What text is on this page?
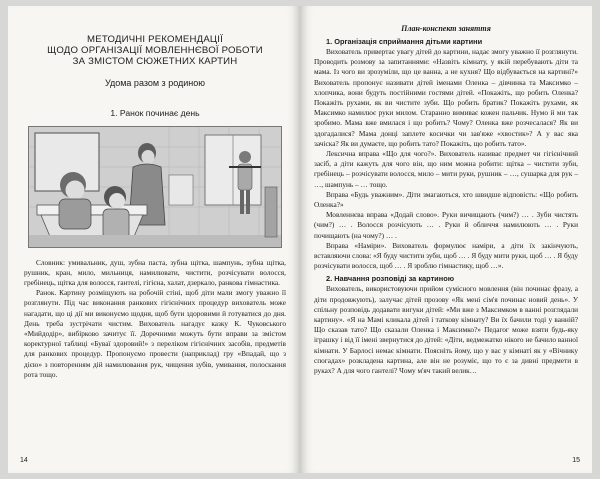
МЕТОДИЧНІ РЕКОМЕНДАЦІЇ

ЩОДО ОРГАНІЗАЦІЇ МОВЛЕННЄВОЇ РОБОТИ

ЗА ЗМІСТОМ СЮЖЕТНИХ КАРТИН

Удома разом з родиною

1. Ранок починає день

Словник: умивальник, душ, зубна паста, зубна щітка, шампунь, зубна щітка, рушник, кран, мило, мильниця, намилювати, чистити, розчісувати волосся, гребінець, щітка для волосся, гантелі, гігієна, халат, дзеркало, ранкова гімнастика.

Ранок. Картину розміщують на робочій стіні, щоб діти мали змогу уважно її розглянути. Під час виконання ранкових гігієнічних процедур вихователь може нагадати, що ці дії ми виконуємо щодня, щоб бути здоровими й готуватися до дня. День треба зустрічати чистим. Вихователь нагадує казку К. Чуковського «Мийдодір», вибірково зачитує її. Доречними можуть бути вправи за змістом коректурної таблиці «Буваї здоровий!» з переліком гігієнічних засобів, предметів для ранкових процедур. Пропонуємо провести (наприклад) гру «Впадай, що з дією» з повторенням дій намилювання рук, чищення зубів, умивання, полоскання рота тощо.

14

План-конспект заняття

1. Організація сприймання дітьми картини

Вихователь привертає увагу дітей до картини, надає змогу уважно її розглянути. Проводить розмову за запитаннями: «Назвіть кімнату, у якій перебувають діти та мама. Із чого ви зрозуміли, що це ванна, а не кухня? Що відбувається на картині?» Вихователь пропонує називати дітей іменами Оленка – дівчинка та Максимко – хлопчика, вони будуть постійними гостями дітей. «Покажіть, що робить Оленка? Покажіть рухами, як ви чистите зуби. Що робить братик? Покажіть рухами, як Максимко намилює руки милом. Старанно вимиває кожен пальчик. Нумо й ми так зробимо. Мама вже вмилася і що робить? Чому? Оленка вже розчесалася? Як ви здогадалися? Мама донці заплете косички чи зав'яже «хвостик»? А у вас яка зачіска? Як ви думаєте, що робить тато? Покажіть, що робить тато».

Лексична вправа «Що для чого?». Вихователь називає предмет чи гігієнічний засіб, а діти кажуть для чого він, що ним можна робити: щітка – чистити зуби, гребінець – розчісувати волосся, мило – мити руки, рушник – …, сушарка для рук – …, шампунь – … тощо.

Вправа «Будь уважним». Діти змагаються, хто швидше відповість: «Що робить Оленка?»

Мовленнєва вправа «Додай слово». Руки вичищають (чим?) … . Зуби чистять (чим?) … . Волосся розчісують … . Руки й обличчя намилюють … . Руки почищають (на чому?) … .

Вправа «Наміри». Вихователь формулює наміри, а діти їх закінчують, вставляючи слова: «Я буду чистити зуби, щоб … . Я буду мити руки, щоб … . Я буду розчісувати волосся, щоб … . Я зроблю гімнастику, щоб …».

2. Навчання розповіді за картиною

Вихователь, використовуючи прийом сумісного мовлення (він починає фразу, а діти продовжують), залучає дітей прозову «Як мені сім'я починає новий день». У спільну розповідь додавати вигуки дітей: «Ми вже з Максимком в ванні розглядали картину». «Я на Мамі кликала дітей і таткову кімнату? Ви їх бачили тоді у ванній? Що сказав тато? Що сказали Оленка і Максимко?» Педагог може взяти будь-яку іграшку і від її імені звернутися до дітей: «Діти, ведмежатко нікого не бачило ванної кімнати. У Барлосі немає кімнати. Поясніть йому, що у вас у кімнаті як у «Вічнику спогадах» розкладена картина, але він не розуміє, що то є за дивні предмети в руках? А для чого гантелі? Чому м'яч такий велик…

15
